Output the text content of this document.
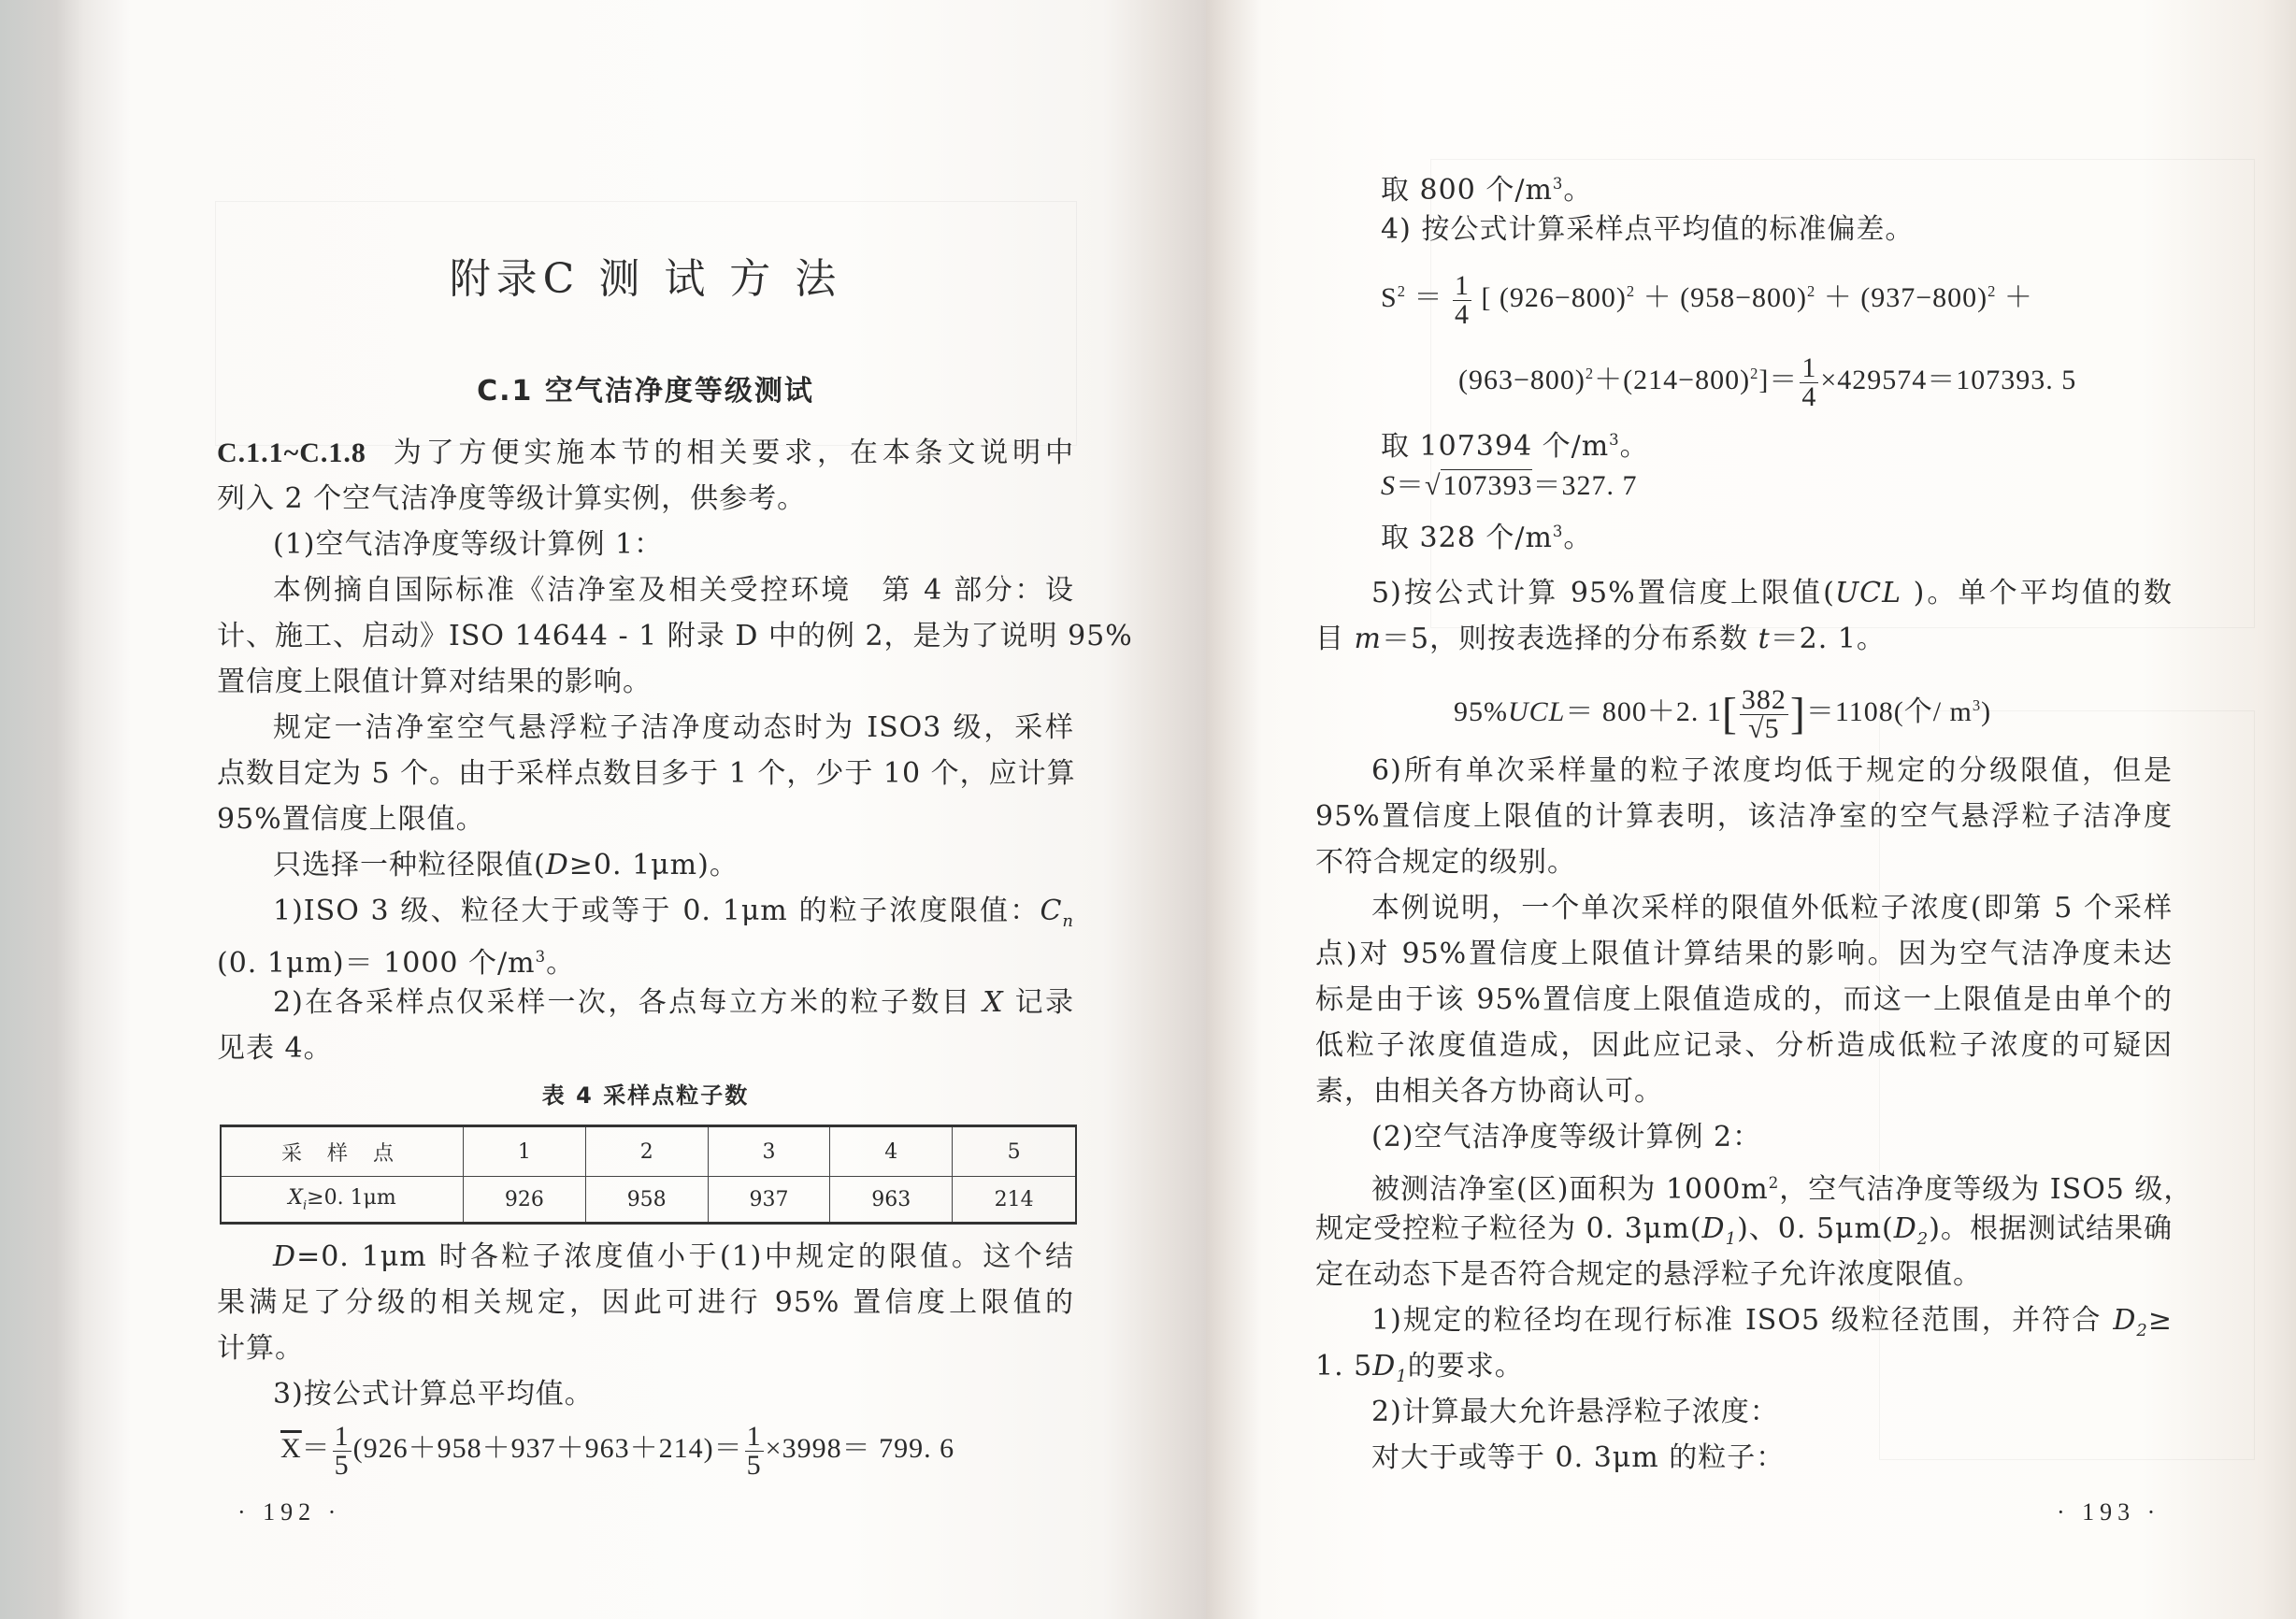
附录C 测 试 方 法
C.1 空气洁净度等级测试
C.1.1~C.1.8 为了方便实施本节的相关要求，在本条文说明中
列入 2 个空气洁净度等级计算实例，供参考。
(1)空气洁净度等级计算例 1：
本例摘自国际标准《洁净室及相关受控环境　第 4 部分：设
计、施工、启动》ISO 14644 - 1 附录 D 中的例 2，是为了说明 95%
置信度上限值计算对结果的影响。
规定一洁净室空气悬浮粒子洁净度动态时为 ISO3 级，采样
点数目定为 5 个。由于采样点数目多于 1 个，少于 10 个，应计算
95%置信度上限值。
只选择一种粒径限值(D≥0. 1μm)。
1)ISO 3 级、粒径大于或等于 0. 1μm 的粒子浓度限值：$C_n$
(0. 1μm)＝ 1000 个$/m^3$。
2)在各采样点仅采样一次，各点每立方米的粒子数目 X 记录
见表 4。
表 4 采样点粒子数
采 样 点	1	2	3	4	5
$X_i\ge 0$. 1μm	926	958	937	963	214
D=0. 1μm 时各粒子浓度值小于(1)中规定的限值。这个结
果满足了分级的相关规定，因此可进行 95% 置信度上限值的
计算。
3)按公式计算总平均值。
$X= \frac{1}{5} (926+958+937+963+214)= \frac{1}{5} \times 3998= 799$. 6
· 192 ·
取 800 个$/m^3$。
4) 按公式计算采样点平均值的标准偏差。
$S^2 = \frac{1}{4}$ [ $(926-800)^2 + (958-800)^2 + (937-800)^2$ ＋
$(963-800)^2+(214-800)^2]= \frac{1}{4} \times 429574=107393$. 5
取 107394 个$/m^3$。
S＝√107393＝327. 7
取 328 个$/m^3$。
5)按公式计算 95%置信度上限值(UCL )。单个平均值的数
目 m＝5，则按表选择的分布系数 t＝2. 1。
95%UCL＝ 800＋2. $1[ \frac{382}{√5} ]=1108$(个/ $m^3$)
6)所有单次采样量的粒子浓度均低于规定的分级限值，但是
95%置信度上限值的计算表明，该洁净室的空气悬浮粒子洁净度
不符合规定的级别。
本例说明，一个单次采样的限值外低粒子浓度(即第 5 个采样
点)对 95%置信度上限值计算结果的影响。因为空气洁净度未达
标是由于该 95%置信度上限值造成的，而这一上限值是由单个的
低粒子浓度值造成，因此应记录、分析造成低粒子浓度的可疑因
素，由相关各方协商认可。
(2)空气洁净度等级计算例 2：
被测洁净室(区)面积为 $1000m^2$，空气洁净度等级为 ISO5 级，
规定受控粒子粒径为 0. $3\mu m(D_1)$、0. $5\mu m(D_2)$。根据测试结果确
定在动态下是否符合规定的悬浮粒子允许浓度限值。
1)规定的粒径均在现行标准 ISO5 级粒径范围，并符合 $D_2\ge$
1. $5D_1$的要求。
2)计算最大允许悬浮粒子浓度：
对大于或等于 0. 3μm 的粒子：
· 193 ·
